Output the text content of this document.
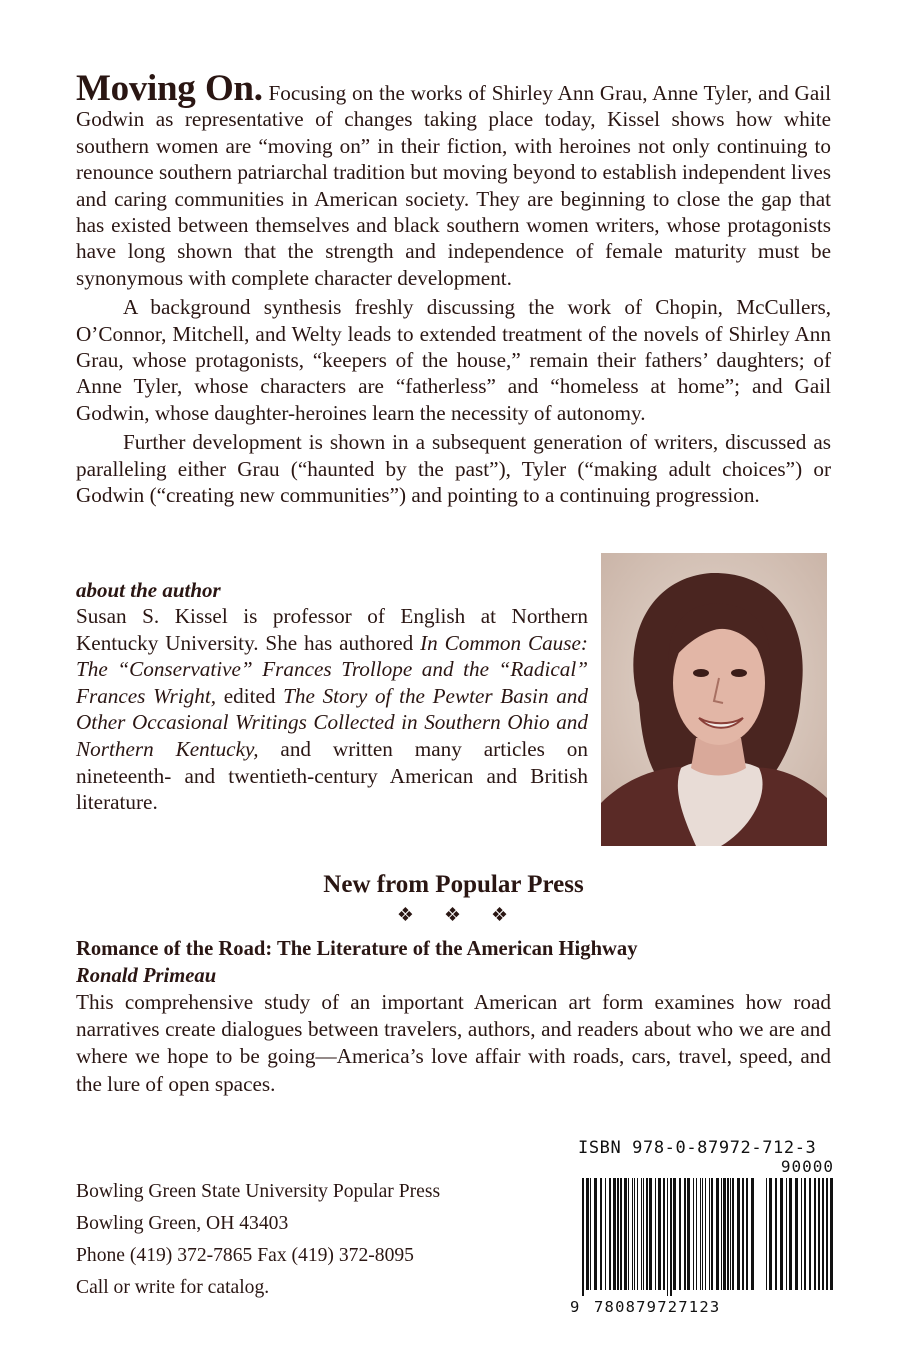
Moving On. Focusing on the works of Shirley Ann Grau, Anne Tyler, and Gail Godwin as representative of changes taking place today, Kissel shows how white southern women are “moving on” in their fiction, with heroines not only continuing to renounce southern patriarchal tradition but moving beyond to establish independent lives and caring communities in American society. They are beginning to close the gap that has existed between themselves and black southern women writers, whose protagonists have long shown that the strength and independence of female maturity must be synonymous with complete character development.

A background synthesis freshly discussing the work of Chopin, McCullers, O’Connor, Mitchell, and Welty leads to extended treatment of the novels of Shirley Ann Grau, whose protagonists, “keepers of the house,” remain their fathers’ daughters; of Anne Tyler, whose characters are “fatherless” and “homeless at home”; and Gail Godwin, whose daughter-heroines learn the necessity of autonomy.

Further development is shown in a subsequent generation of writers, discussed as paralleling either Grau (“haunted by the past”), Tyler (“making adult choices”) or Godwin (“creating new communities”) and pointing to a continuing progression.

about the author

Susan S. Kissel is professor of English at Northern Kentucky University. She has authored In Common Cause: The “Conservative” Frances Trollope and the “Radical” Frances Wright, edited The Story of the Pewter Basin and Other Occasional Writings Collected in Southern Ohio and Northern Kentucky, and written many articles on nineteenth- and twentieth-century American and British literature.

New from Popular Press
❖ ❖ ❖

Romance of the Road: The Literature of the American Highway

Ronald Primeau

This comprehensive study of an important American art form examines how road narratives create dialogues between travelers, authors, and readers about who we are and where we hope to be going—America’s love affair with roads, cars, travel, speed, and the lure of open spaces.

Bowling Green State University Popular Press
Bowling Green, OH 43403
Phone (419) 372-7865 Fax (419) 372-8095
Call or write for catalog.
ISBN 978-0-87972-712-3
90000
9 780879727123
